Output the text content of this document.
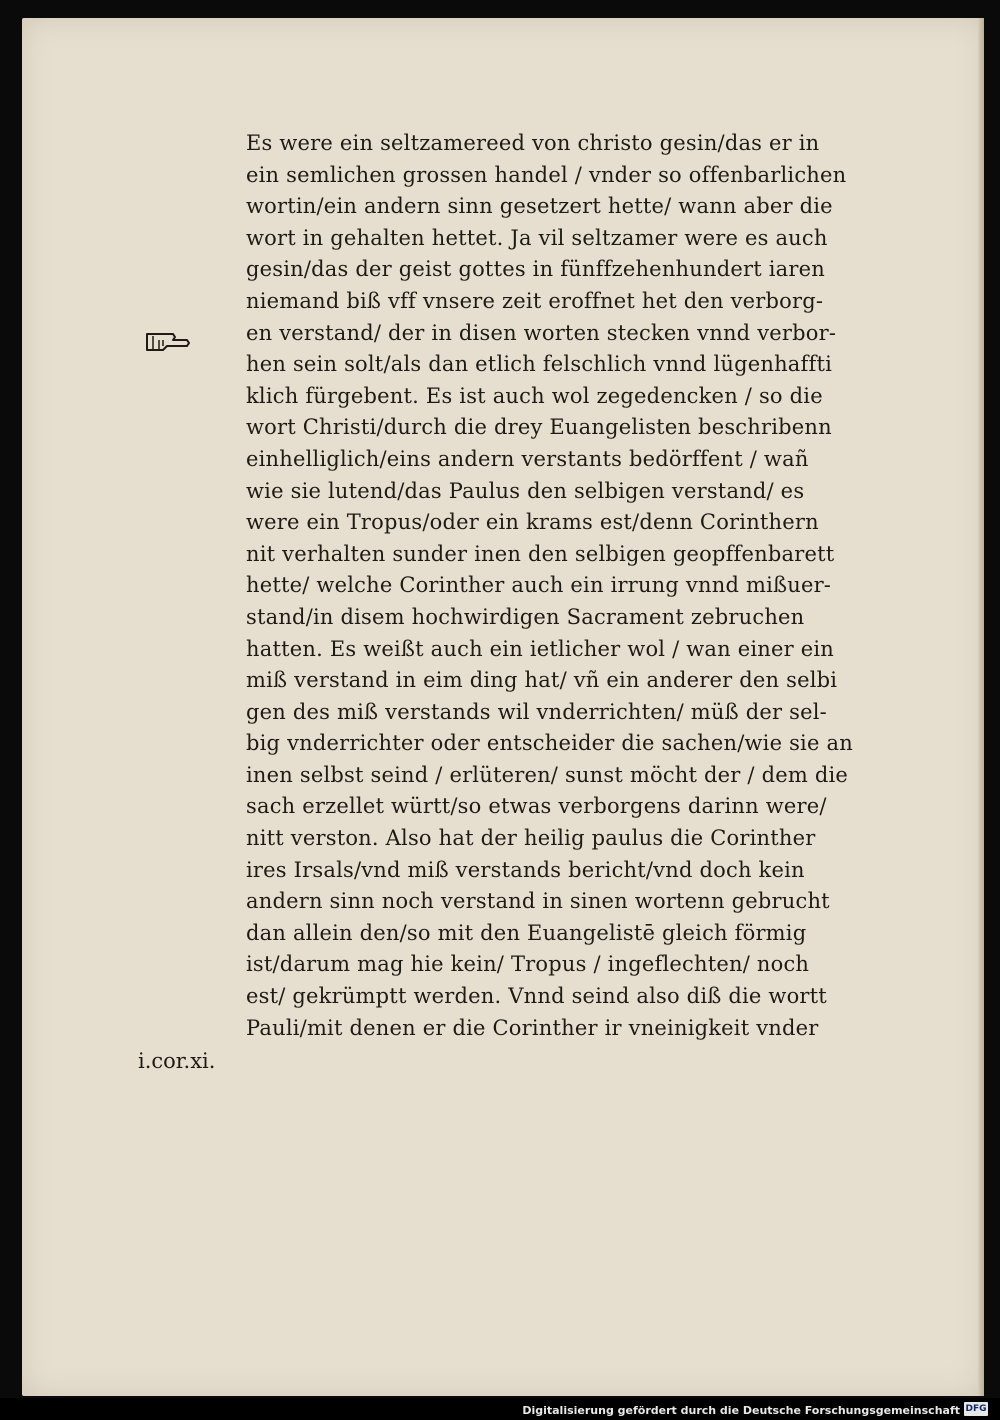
Es were ein seltzamereed von christo gesin/das er in
ein semlichen grossen handel / vnder so offenbarlichen
wortin/ein andern sinn gesetzert hette/ wann aber die
wort in gehalten hettet. Ja vil seltzamer were es auch
gesin/das der geist gottes in fünffzehenhundert iaren
niemand biß vff vnsere zeit eroffnet het den verborg-
en verstand/ der in disen worten stecken vnnd verbor-
hen sein solt/als dan etlich felschlich vnnd lügenhaffti
klich fürgebent. Es ist auch wol zegedencken / so die
wort Christi/durch die drey Euangelisten beschribenn
einhelliglich/eins andern verstants bedörffent / wañ
wie sie lutend/das Paulus den selbigen verstand/ es
were ein Tropus/oder ein krams est/denn Corinthern
nit verhalten sunder inen den selbigen geopffenbarett
hette/ welche Corinther auch ein irrung vnnd mißuer-
stand/in disem hochwirdigen Sacrament zebruchen
hatten. Es weißt auch ein ietlicher wol / wan einer ein
miß verstand in eim ding hat/ vñ ein anderer den selbi
gen des miß verstands wil vnderrichten/ müß der sel-
big vnderrichter oder entscheider die sachen/wie sie an
inen selbst seind / erlüteren/ sunst möcht der / dem die
sach erzellet württ/so etwas verborgens darinn were/
nitt verston. Also hat der heilig paulus die Corinther
ires Irsals/vnd miß verstands bericht/vnd doch kein
andern sinn noch verstand in sinen wortenn gebrucht
dan allein den/so mit den Euangelistē gleich förmig
ist/darum mag hie kein/ Tropus / ingeflechten/ noch
est/ gekrümptt werden. Vnnd seind also diß die wortt
Pauli/mit denen er die Corinther ir vneinigkeit vnder
i.cor.xi.
Digitalisierung gefördert durch die Deutsche Forschungsgemeinschaft DFG
